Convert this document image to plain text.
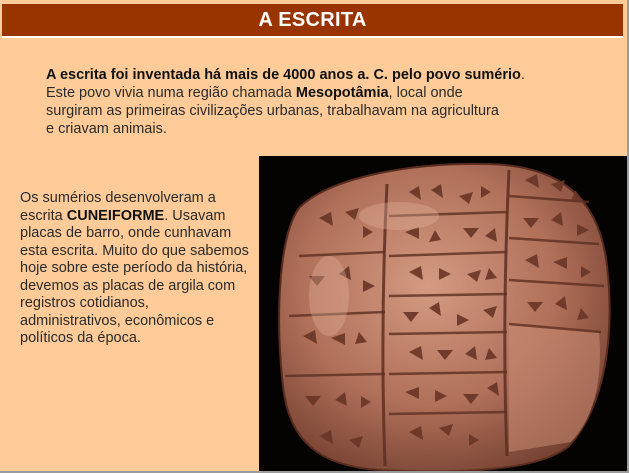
A ESCRITA
A escrita foi inventada há mais de 4000 anos a. C. pelo povo sumério.
Este povo vivia numa região chamada Mesopotâmia, local onde
surgiram as primeiras civilizações urbanas, trabalhavam na agricultura
e criavam animais.
Os sumérios desenvolveram a escrita CUNEIFORME. Usavam placas de barro, onde cunhavam esta escrita. Muito do que sabemos hoje sobre este período da história, devemos as placas de argila com registros cotidianos, administrativos, econômicos e políticos da época.
